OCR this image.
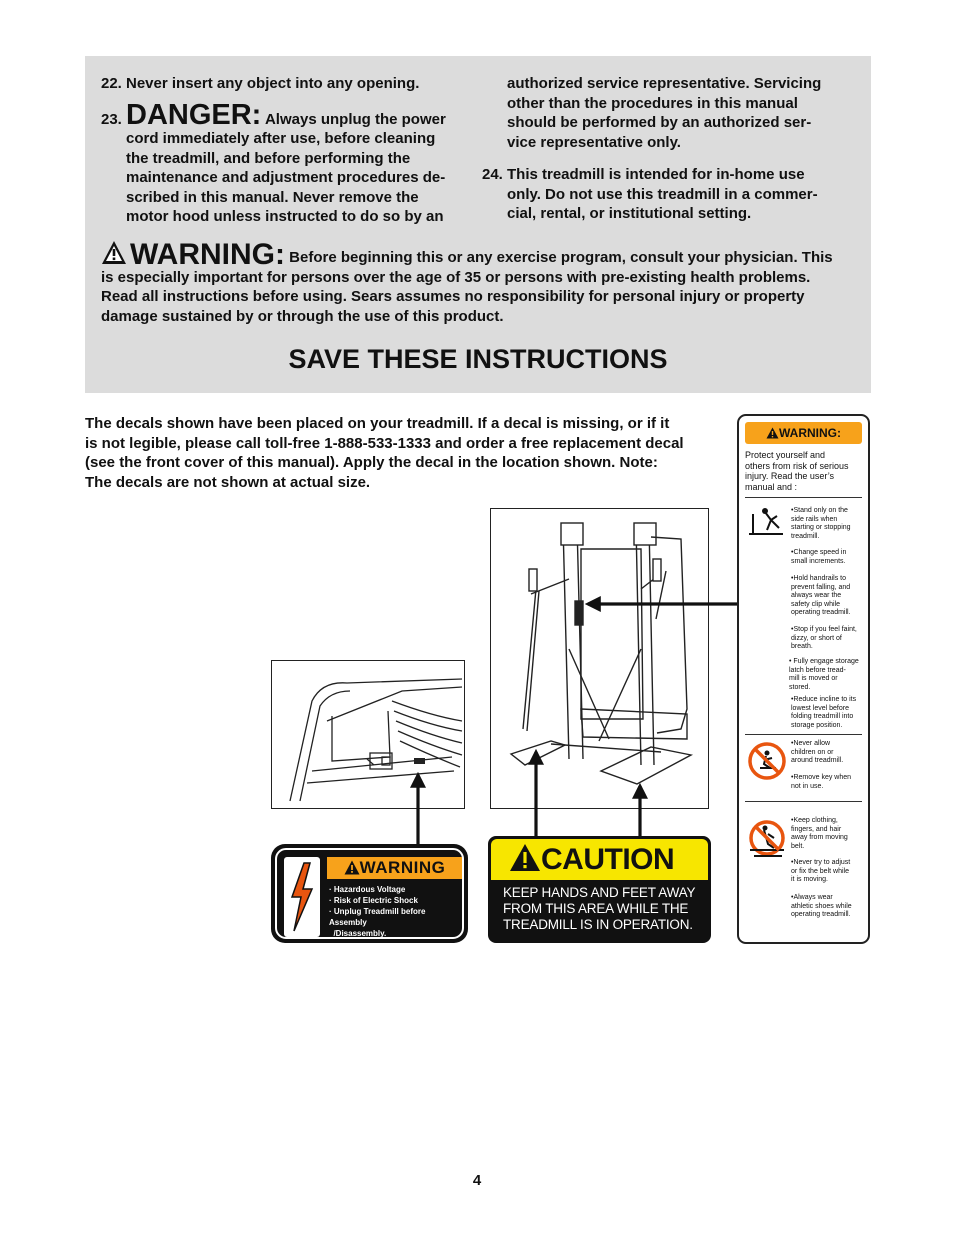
22. Never insert any object into any opening.

23. DANGER: Always unplug the power

cord immediately after use, before cleaning

the treadmill, and before performing the

maintenance and adjustment procedures de-

scribed in this manual. Never remove the

motor hood unless instructed to do so by an

authorized service representative. Servicing

other than the procedures in this manual

should be performed by an authorized ser-

vice representative only.

24. This treadmill is intended for in-home use

only. Do not use this treadmill in a commer-

cial, rental, or institutional setting.

WARNING: Before beginning this or any exercise program, consult your physician. This

is especially important for persons over the age of 35 or persons with pre-existing health problems.

Read all instructions before using. Sears assumes no responsibility for personal injury or property

damage sustained by or through the use of this product.

SAVE THESE INSTRUCTIONS

The decals shown have been placed on your treadmill. If a decal is missing, or if it

is not legible, please call toll-free 1-888-533-1333 and order a free replacement decal

(see the front cover of this manual). Apply the decal in the location shown. Note:

The decals are not shown at actual size.

WARNING:

Protect yourself and

others from risk of serious

injury. Read the user’s

manual and :

•Stand only on the

side rails when

starting or stopping

treadmill.

•Change speed in

small increments.

•Hold handrails to

prevent falling, and

always wear the

safety clip while

operating treadmill.

•Stop if you feel faint,

dizzy, or short of

breath.

• Fully engage storage

latch before tread-

mill is moved or

stored.

•Reduce incline to its

lowest level before

folding treadmill into

storage position.

•Never allow

children on or

around treadmill.

•Remove key when

not in use.

•Keep clothing,

fingers, and hair

away from moving

belt.

•Never try to adjust

or fix the belt while

it is moving.

•Always wear

athletic shoes while

operating treadmill.

WARNING

· Hazardous Voltage

· Risk of Electric Shock

· Unplug Treadmill before Assembly

/Disassembly.

CAUTION

KEEP HANDS AND FEET AWAY

FROM THIS AREA WHILE THE

TREADMILL IS IN OPERATION.

4
